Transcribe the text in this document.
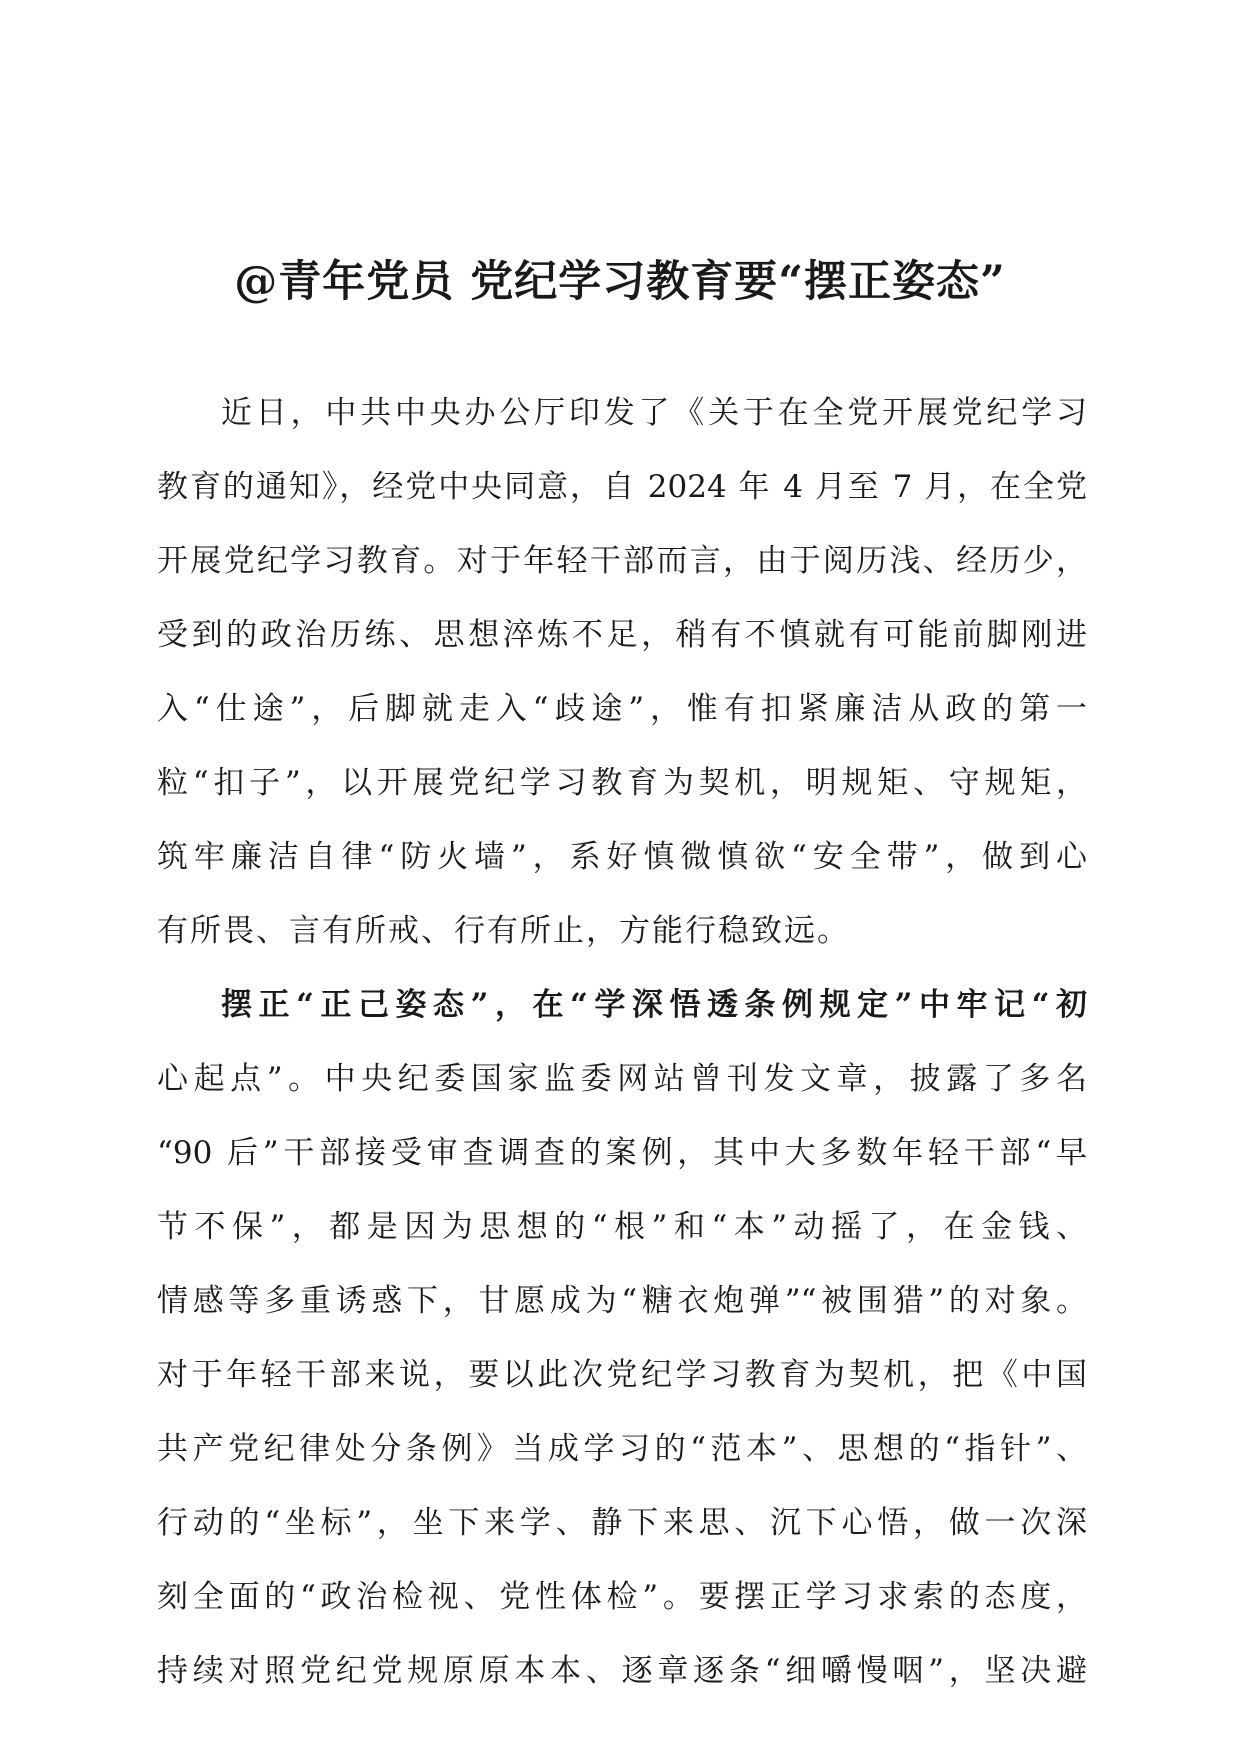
@青年党员 党纪学习教育要“摆正姿态”
近日，中共中央办公厅印发了《关于在全党开展党纪学习
教育的通知》，经党中央同意，自 2024 年 4 月至 7 月，在全党
开展党纪学习教育。对于年轻干部而言，由于阅历浅、经历少，
受到的政治历练、思想淬炼不足，稍有不慎就有可能前脚刚进
入“仕途”，后脚就走入“歧途”，惟有扣紧廉洁从政的第一
粒“扣子”，以开展党纪学习教育为契机，明规矩、守规矩，
筑牢廉洁自律“防火墙”，系好慎微慎欲“安全带”，做到心
有所畏、言有所戒、行有所止，方能行稳致远。
摆正“正己姿态”，在“学深悟透条例规定”中牢记“初
心起点”。中央纪委国家监委网站曾刊发文章，披露了多名
“90 后”干部接受审查调查的案例，其中大多数年轻干部“早
节不保”，都是因为思想的“根”和“本”动摇了，在金钱、
情感等多重诱惑下，甘愿成为“糖衣炮弹”“被围猎”的对象。
对于年轻干部来说，要以此次党纪学习教育为契机，把《中国
共产党纪律处分条例》当成学习的“范本”、思想的“指针”、
行动的“坐标”，坐下来学、静下来思、沉下心悟，做一次深
刻全面的“政治检视、党性体检”。要摆正学习求索的态度，
持续对照党纪党规原原本本、逐章逐条“细嚼慢咽”，坚决避
